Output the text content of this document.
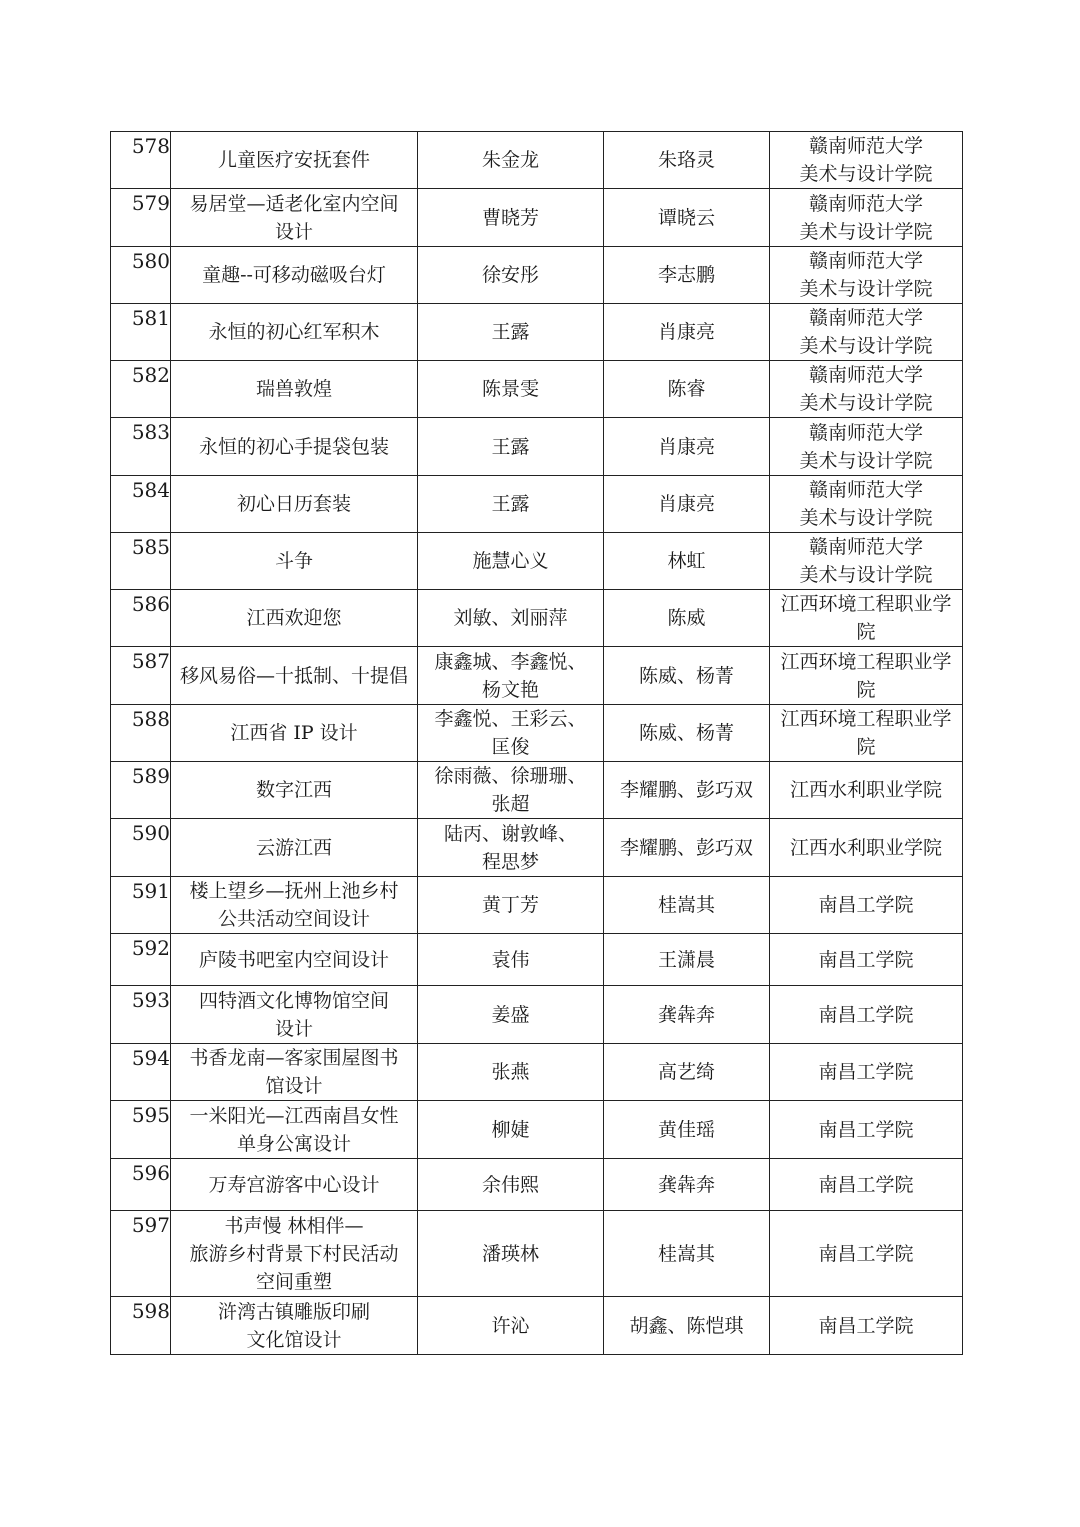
578	儿童医疗安抚套件	朱金龙	朱珞灵	赣南师范大学
美术与设计学院
579	易居堂—适老化室内空间
设计	曹晓芳	谭晓云	赣南师范大学
美术与设计学院
580	童趣--可移动磁吸台灯	徐安彤	李志鹏	赣南师范大学
美术与设计学院
581	永恒的初心红军积木	王露	肖康亮	赣南师范大学
美术与设计学院
582	瑞兽敦煌	陈景雯	陈睿	赣南师范大学
美术与设计学院
583	永恒的初心手提袋包装	王露	肖康亮	赣南师范大学
美术与设计学院
584	初心日历套装	王露	肖康亮	赣南师范大学
美术与设计学院
585	斗争	施慧心义	林虹	赣南师范大学
美术与设计学院
586	江西欢迎您	刘敏、刘丽萍	陈威	江西环境工程职业学
院
587	移风易俗—十抵制、十提倡	康鑫城、李鑫悦、
杨文艳	陈威、杨菁	江西环境工程职业学
院
588	江西省 IP 设计	李鑫悦、王彩云、
匡俊	陈威、杨菁	江西环境工程职业学
院
589	数字江西	徐雨薇、徐珊珊、
张超	李耀鹏、彭巧双	江西水利职业学院
590	云游江西	陆丙、谢敦峰、
程思梦	李耀鹏、彭巧双	江西水利职业学院
591	楼上望乡—抚州上池乡村
公共活动空间设计	黄丁芳	桂嵩其	南昌工学院
592	庐陵书吧室内空间设计	袁伟	王潇晨	南昌工学院
593	四特酒文化博物馆空间
设计	姜盛	龚犇奔	南昌工学院
594	书香龙南—客家围屋图书
馆设计	张燕	高艺绮	南昌工学院
595	一米阳光—江西南昌女性
单身公寓设计	柳婕	黄佳瑶	南昌工学院
596	万寿宫游客中心设计	余伟熙	龚犇奔	南昌工学院
597	书声慢 林相伴—
旅游乡村背景下村民活动
空间重塑	潘瑛林	桂嵩其	南昌工学院
598	浒湾古镇雕版印刷
文化馆设计	许沁	胡鑫、陈恺琪	南昌工学院
